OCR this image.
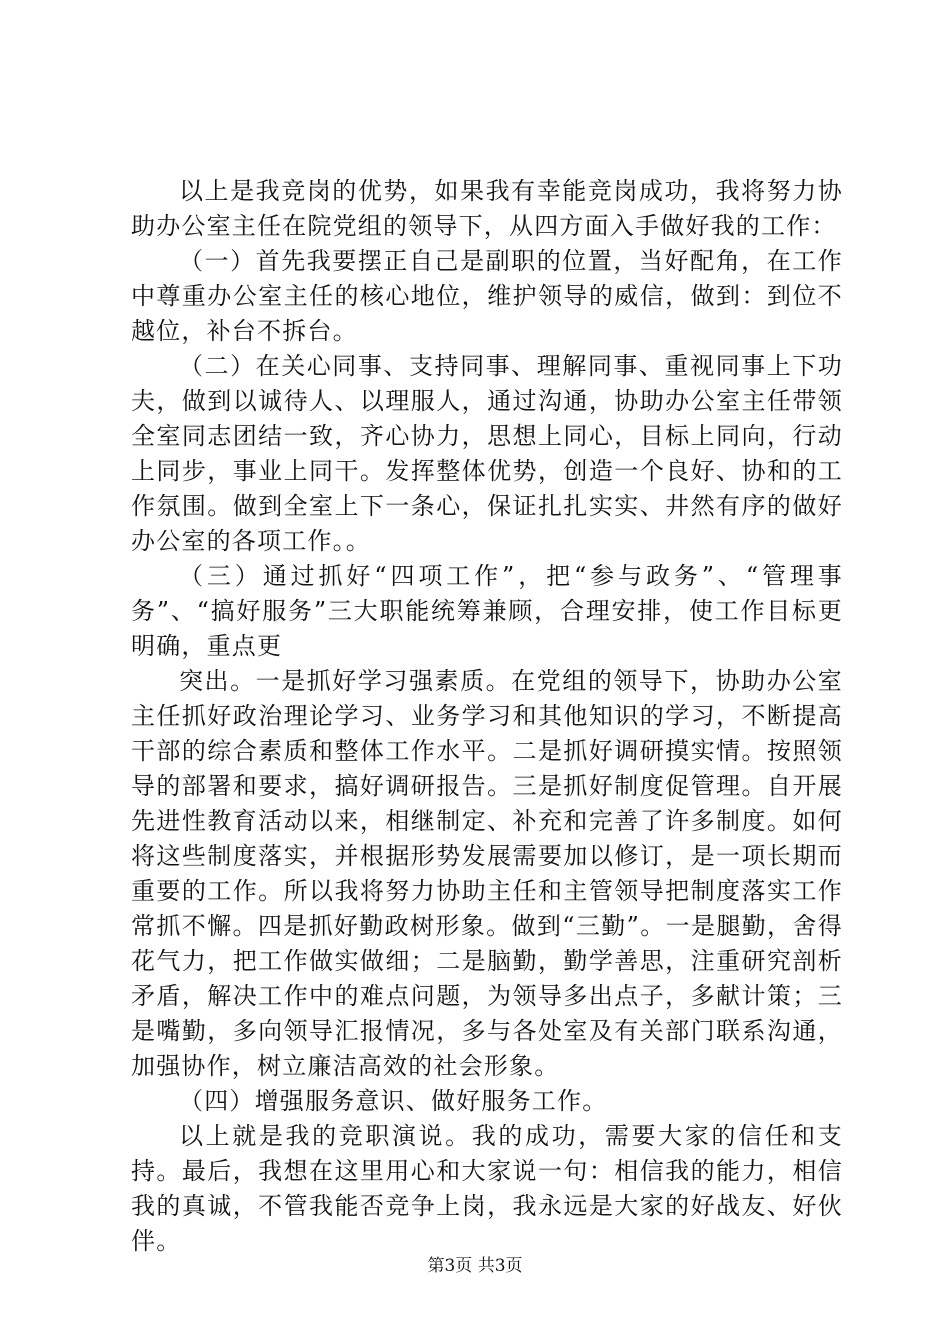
以上是我竞岗的优势，如果我有幸能竞岗成功，我将努力协助办公室主任在院党组的领导下，从四方面入手做好我的工作：

（一）首先我要摆正自己是副职的位置，当好配角，在工作中尊重办公室主任的核心地位，维护领导的威信，做到：到位不越位，补台不拆台。

（二）在关心同事、支持同事、理解同事、重视同事上下功夫，做到以诚待人、以理服人，通过沟通，协助办公室主任带领全室同志团结一致，齐心协力，思想上同心，目标上同向，行动上同步，事业上同干。发挥整体优势，创造一个良好、协和的工作氛围。做到全室上下一条心，保证扎扎实实、井然有序的做好办公室的各项工作。。

（三）通过抓好“四项工作”，把“参与政务”、“管理事务”、“搞好服务”三大职能统筹兼顾，合理安排，使工作目标更明确，重点更

突出。一是抓好学习强素质。在党组的领导下，协助办公室主任抓好政治理论学习、业务学习和其他知识的学习，不断提高干部的综合素质和整体工作水平。二是抓好调研摸实情。按照领导的部署和要求，搞好调研报告。三是抓好制度促管理。自开展先进性教育活动以来，相继制定、补充和完善了许多制度。如何将这些制度落实，并根据形势发展需要加以修订，是一项长期而重要的工作。所以我将努力协助主任和主管领导把制度落实工作常抓不懈。四是抓好勤政树形象。做到“三勤”。一是腿勤，舍得花气力，把工作做实做细；二是脑勤，勤学善思，注重研究剖析矛盾，解决工作中的难点问题，为领导多出点子，多献计策；三是嘴勤，多向领导汇报情况，多与各处室及有关部门联系沟通，加强协作，树立廉洁高效的社会形象。

（四）增强服务意识、做好服务工作。

以上就是我的竞职演说。我的成功，需要大家的信任和支持。最后，我想在这里用心和大家说一句：相信我的能力，相信我的真诚，不管我能否竞争上岗，我永远是大家的好战友、好伙伴。

第3页 共3页
